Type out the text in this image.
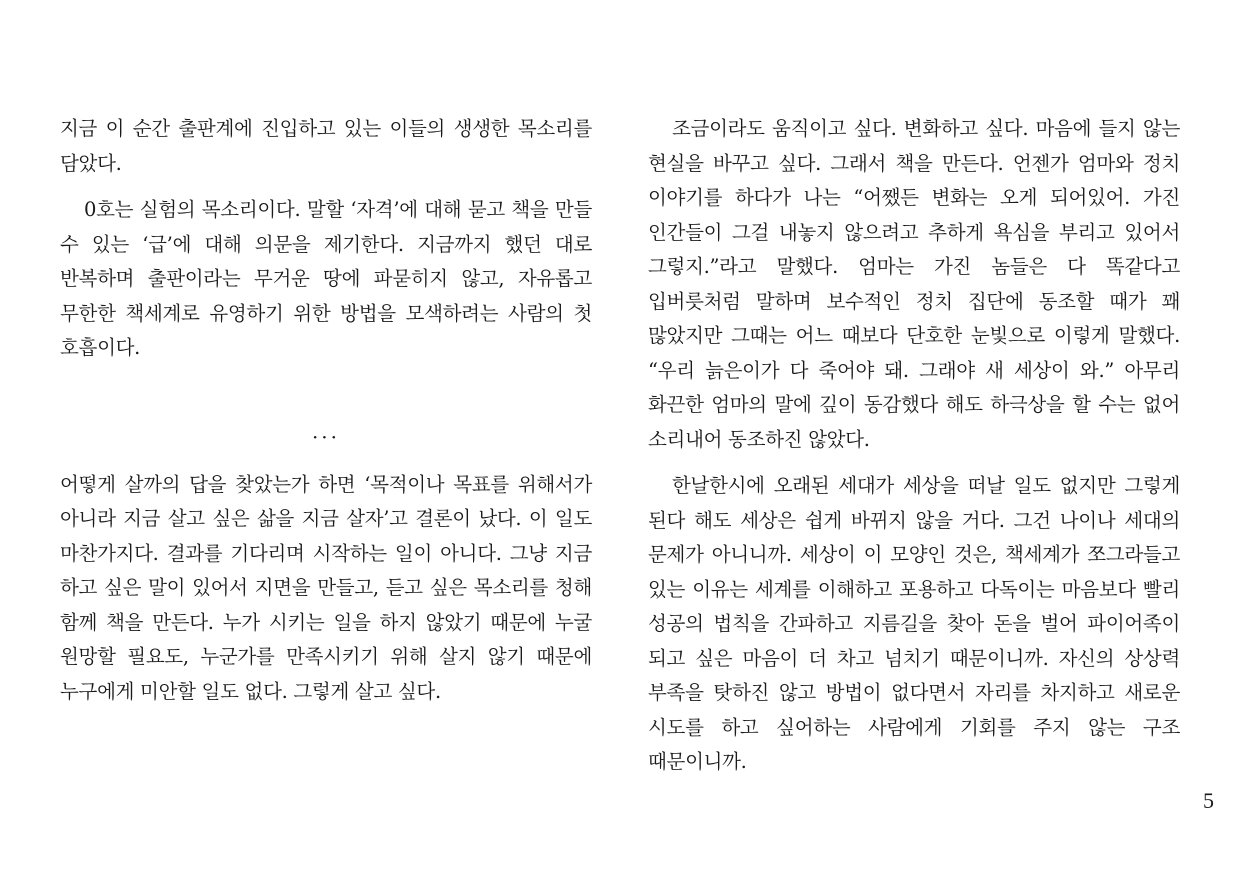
지금 이 순간 출판계에 진입하고 있는 이들의 생생한 목소리를 담았다.

0호는 실험의 목소리이다. 말할 ‘자격’에 대해 묻고 책을 만들 수 있는 ‘급’에 대해 의문을 제기한다. 지금까지 했던 대로 반복하며 출판이라는 무거운 땅에 파묻히지 않고, 자유롭고 무한한 책세계로 유영하기 위한 방법을 모색하려는 사람의 첫 호흡이다.

···

어떻게 살까의 답을 찾았는가 하면 ‘목적이나 목표를 위해서가 아니라 지금 살고 싶은 삶을 지금 살자’고 결론이 났다. 이 일도 마찬가지다. 결과를 기다리며 시작하는 일이 아니다. 그냥 지금 하고 싶은 말이 있어서 지면을 만들고, 듣고 싶은 목소리를 청해 함께 책을 만든다. 누가 시키는 일을 하지 않았기 때문에 누굴 원망할 필요도, 누군가를 만족시키기 위해 살지 않기 때문에 누구에게 미안할 일도 없다. 그렇게 살고 싶다.

조금이라도 움직이고 싶다. 변화하고 싶다. 마음에 들지 않는 현실을 바꾸고 싶다. 그래서 책을 만든다. 언젠가 엄마와 정치 이야기를 하다가 나는 “어쨌든 변화는 오게 되어있어. 가진 인간들이 그걸 내놓지 않으려고 추하게 욕심을 부리고 있어서 그렇지.”라고 말했다. 엄마는 가진 놈들은 다 똑같다고 입버릇처럼 말하며 보수적인 정치 집단에 동조할 때가 꽤 많았지만 그때는 어느 때보다 단호한 눈빛으로 이렇게 말했다. “우리 늙은이가 다 죽어야 돼. 그래야 새 세상이 와.” 아무리 화끈한 엄마의 말에 깊이 동감했다 해도 하극상을 할 수는 없어 소리내어 동조하진 않았다.

한날한시에 오래된 세대가 세상을 떠날 일도 없지만 그렇게 된다 해도 세상은 쉽게 바뀌지 않을 거다. 그건 나이나 세대의 문제가 아니니까. 세상이 이 모양인 것은, 책세계가 쪼그라들고 있는 이유는 세계를 이해하고 포용하고 다독이는 마음보다 빨리 성공의 법칙을 간파하고 지름길을 찾아 돈을 벌어 파이어족이 되고 싶은 마음이 더 차고 넘치기 때문이니까. 자신의 상상력 부족을 탓하진 않고 방법이 없다면서 자리를 차지하고 새로운 시도를 하고 싶어하는 사람에게 기회를 주지 않는 구조 때문이니까.

5
